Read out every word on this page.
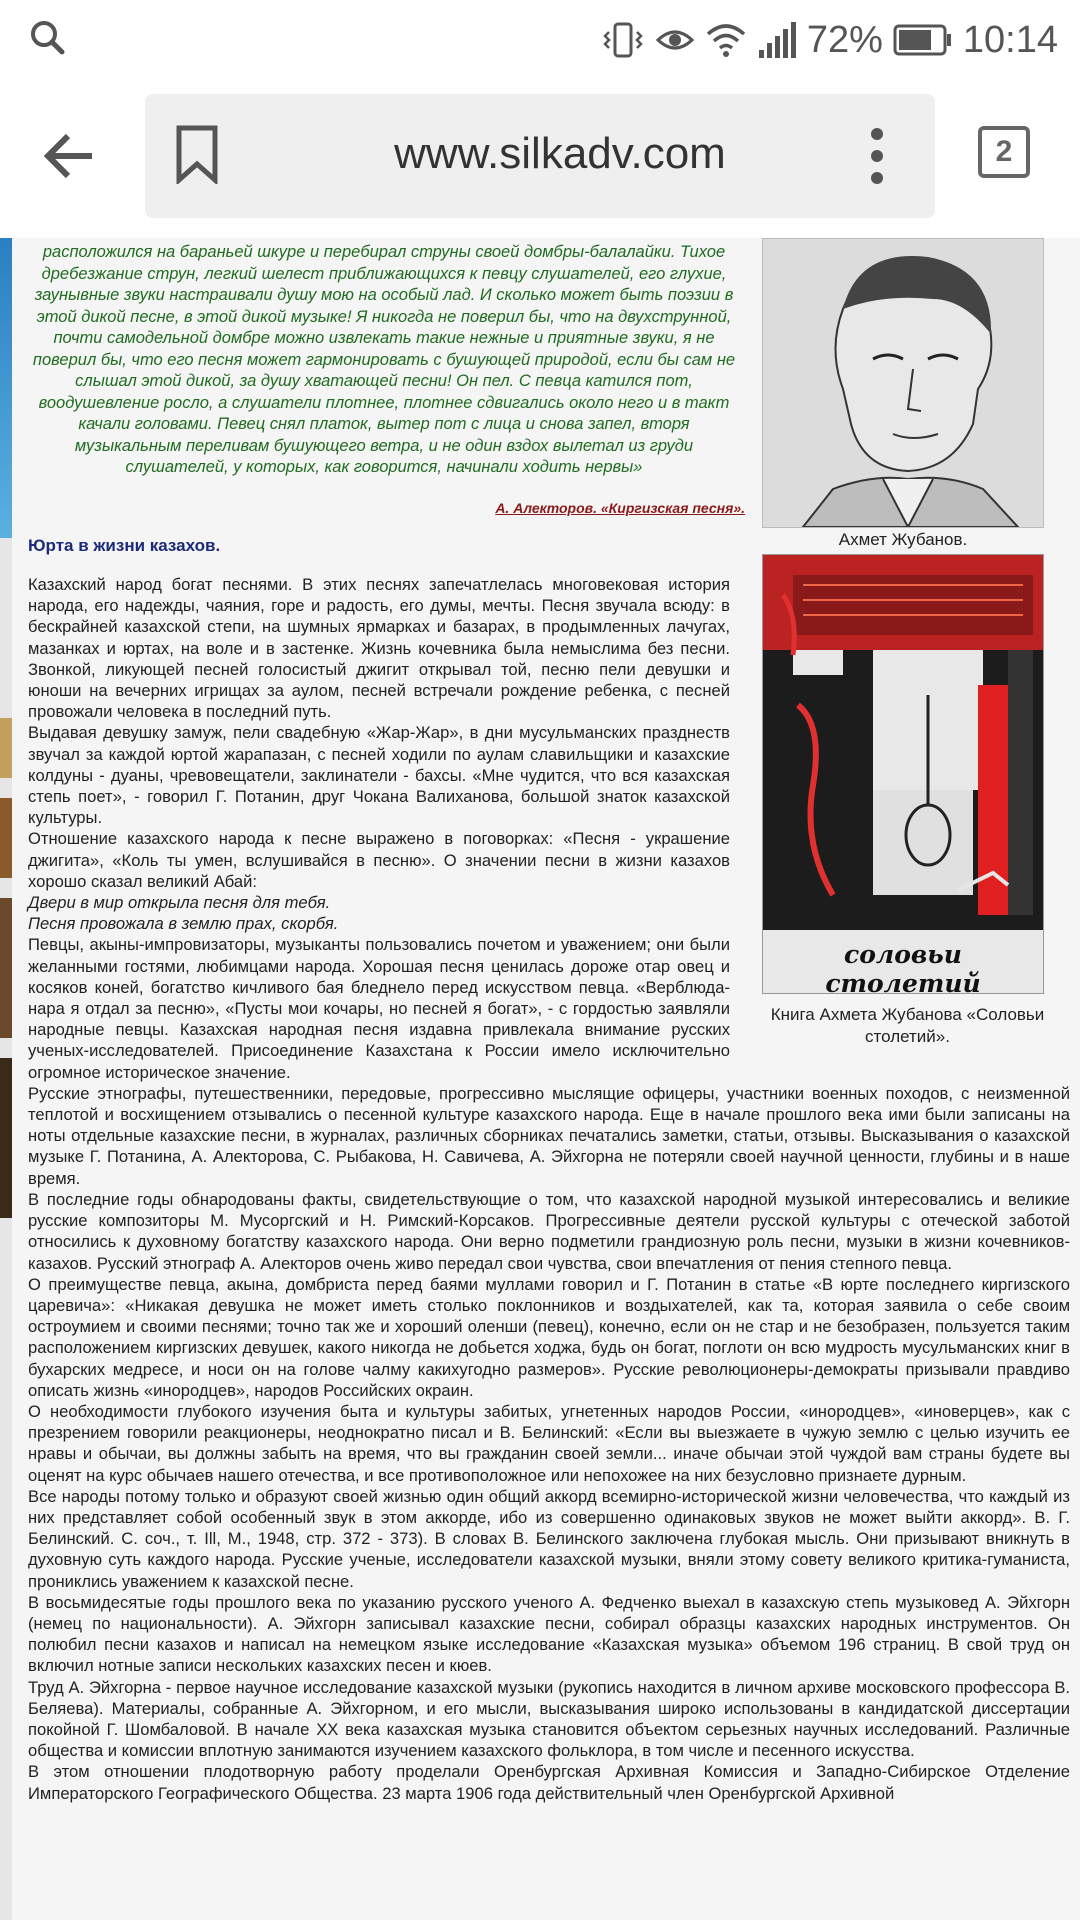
72% 10:14
www.silkadv.com	2
расположился на бараньей шкуре и перебирал струны своей домбры-балалайки. Тихое дребезжание струн, легкий шелест приближающихся к певцу слушателей, его глухие, заунывные звуки настраивали душу мою на особый лад. И сколько может быть поэзии в этой дикой песне, в этой дикой музыке! Я никогда не поверил бы, что на двухструнной, почти самодельной домбре можно извлекать такие нежные и приятные звуки, я не поверил бы, что его песня может гармонировать с бушующей природой, если бы сам не слышал этой дикой, за душу хватающей песни! Он пел. С певца катился пот, воодушевление росло, а слушатели плотнее, плотнее сдвигались около него и в такт качали головами. Певец снял платок, вытер пот с лица и снова запел, вторя музыкальным переливам бушующего ветра, и не один вздох вылетал из груди слушателей, у которых, как говорится, начинали ходить нервы»
А. Алекторов. «Киргизская песня».
Ахмет Жубанов.
соловьи столетий
Книга Ахмета Жубанова «Соловьи столетий».
Юрта в жизни казахов.

Казахский народ богат песнями. В этих песнях запечатлелась многовековая история народа, его надежды, чаяния, горе и радость, его думы, мечты. Песня звучала всюду: в бескрайней казахской степи, на шумных ярмарках и базарах, в продымленных лачугах, мазанках и юртах, на воле и в застенке. Жизнь кочевника была немыслима без песни. Звонкой, ликующей песней голосистый джигит открывал той, песню пели девушки и юноши на вечерних игрищах за аулом, песней встречали рождение ребенка, с песней провожали человека в последний путь.

Выдавая девушку замуж, пели свадебную «Жар-Жар», в дни мусульманских празднеств звучал за каждой юртой жарапазан, с песней ходили по аулам славильщики и казахские колдуны - дуаны, чревовещатели, заклинатели - бахсы. «Мне чудится, что вся казахская степь поет», - говорил Г. Потанин, друг Чокана Валиханова, большой знаток казахской культуры.

Отношение казахского народа к песне выражено в поговорках: «Песня - украшение джигита», «Коль ты умен, вслушивайся в песню». О значении песни в жизни казахов хорошо сказал великий Абай:

Двери в мир открыла песня для тебя.

Песня провожала в землю прах, скорбя.

Певцы, акыны-импровизаторы, музыканты пользовались почетом и уважением; они были желанными гостями, любимцами народа. Хорошая песня ценилась дороже отар овец и косяков коней, богатство кичливого бая бледнело перед искусством певца. «Верблюда-нара я отдал за песню», «Пусты мои кочары, но песней я богат», - с гордостью заявляли народные певцы. Казахская народная песня издавна привлекала внимание русских ученых-исследователей. Присоединение Казахстана к России имело исключительно огромное историческое значение.

Русские этнографы, путешественники, передовые, прогрессивно мыслящие офицеры, участники военных походов, с неизменной теплотой и восхищением отзывались о песенной культуре казахского народа. Еще в начале прошлого века ими были записаны на ноты отдельные казахские песни, в журналах, различных сборниках печатались заметки, статьи, отзывы. Высказывания о казахской музыке Г. Потанина, А. Алекторова, С. Рыбакова, Н. Савичева, А. Эйхгорна не потеряли своей научной ценности, глубины и в наше время.

В последние годы обнародованы факты, свидетельствующие о том, что казахской народной музыкой интересовались и великие русские композиторы М. Мусоргский и Н. Римский-Корсаков. Прогрессивные деятели русской культуры с отеческой заботой относились к духовному богатству казахского народа. Они верно подметили грандиозную роль песни, музыки в жизни кочевников-казахов. Русский этнограф А. Алекторов очень живо передал свои чувства, свои впечатления от пения степного певца.

О преимуществе певца, акына, домбриста перед баями муллами говорил и Г. Потанин в статье «В юрте последнего киргизского царевича»: «Никакая девушка не может иметь столько поклонников и воздыхателей, как та, которая заявила о себе своим остроумием и своими песнями; точно так же и хороший оленши (певец), конечно, если он не стар и не безобразен, пользуется таким расположением киргизских девушек, какого никогда не добьется ходжа, будь он богат, поглоти он всю мудрость мусульманских книг в бухарских медресе, и носи он на голове чалму какихугодно размеров». Русские революционеры-демократы призывали правдиво описать жизнь «инородцев», народов Российских окраин.

О необходимости глубокого изучения быта и культуры забитых, угнетенных народов России, «инородцев», «иноверцев», как с презрением говорили реакционеры, неоднократно писал и В. Белинский: «Если вы выезжаете в чужую землю с целью изучить ее нравы и обычаи, вы должны забыть на время, что вы гражданин своей земли... иначе обычаи этой чуждой вам страны будете вы оценят на курс обычаев нашего отечества, и все противоположное или непохожее на них безусловно признаете дурным.

Все народы потому только и образуют своей жизнью один общий аккорд всемирно-исторической жизни человечества, что каждый из них представляет собой особенный звук в этом аккорде, ибо из совершенно одинаковых звуков не может выйти аккорд». В. Г. Белинский. С. соч., т. Ill, М., 1948, стр. 372 - 373). В словах В. Белинского заключена глубокая мысль. Они призывают вникнуть в духовную суть каждого народа. Русские ученые, исследователи казахской музыки, вняли этому совету великого критика-гуманиста, прониклись уважением к казахской песне.

В восьмидесятые годы прошлого века по указанию русского ученого А. Федченко выехал в казахскую степь музыковед А. Эйхгорн (немец по национальности). А. Эйхгорн записывал казахские песни, собирал образцы казахских народных инструментов. Он полюбил песни казахов и написал на немецком языке исследование «Казахская музыка» объемом 196 страниц. В свой труд он включил нотные записи нескольких казахских песен и кюев.

Труд А. Эйхгорна - первое научное исследование казахской музыки (рукопись находится в личном архиве московского профессора В. Беляева). Материалы, собранные А. Эйхгорном, и его мысли, высказывания широко использованы в кандидатской диссертации покойной Г. Шомбаловой. В начале XX века казахская музыка становится объектом серьезных научных исследований. Различные общества и комиссии вплотную занимаются изучением казахского фольклора, в том числе и песенного искусства.

В этом отношении плодотворную работу проделали Оренбургская Архивная Комиссия и Западно-Сибирское Отделение Императорского Географического Общества. 23 марта 1906 года действительный член Оренбургской Архивной
